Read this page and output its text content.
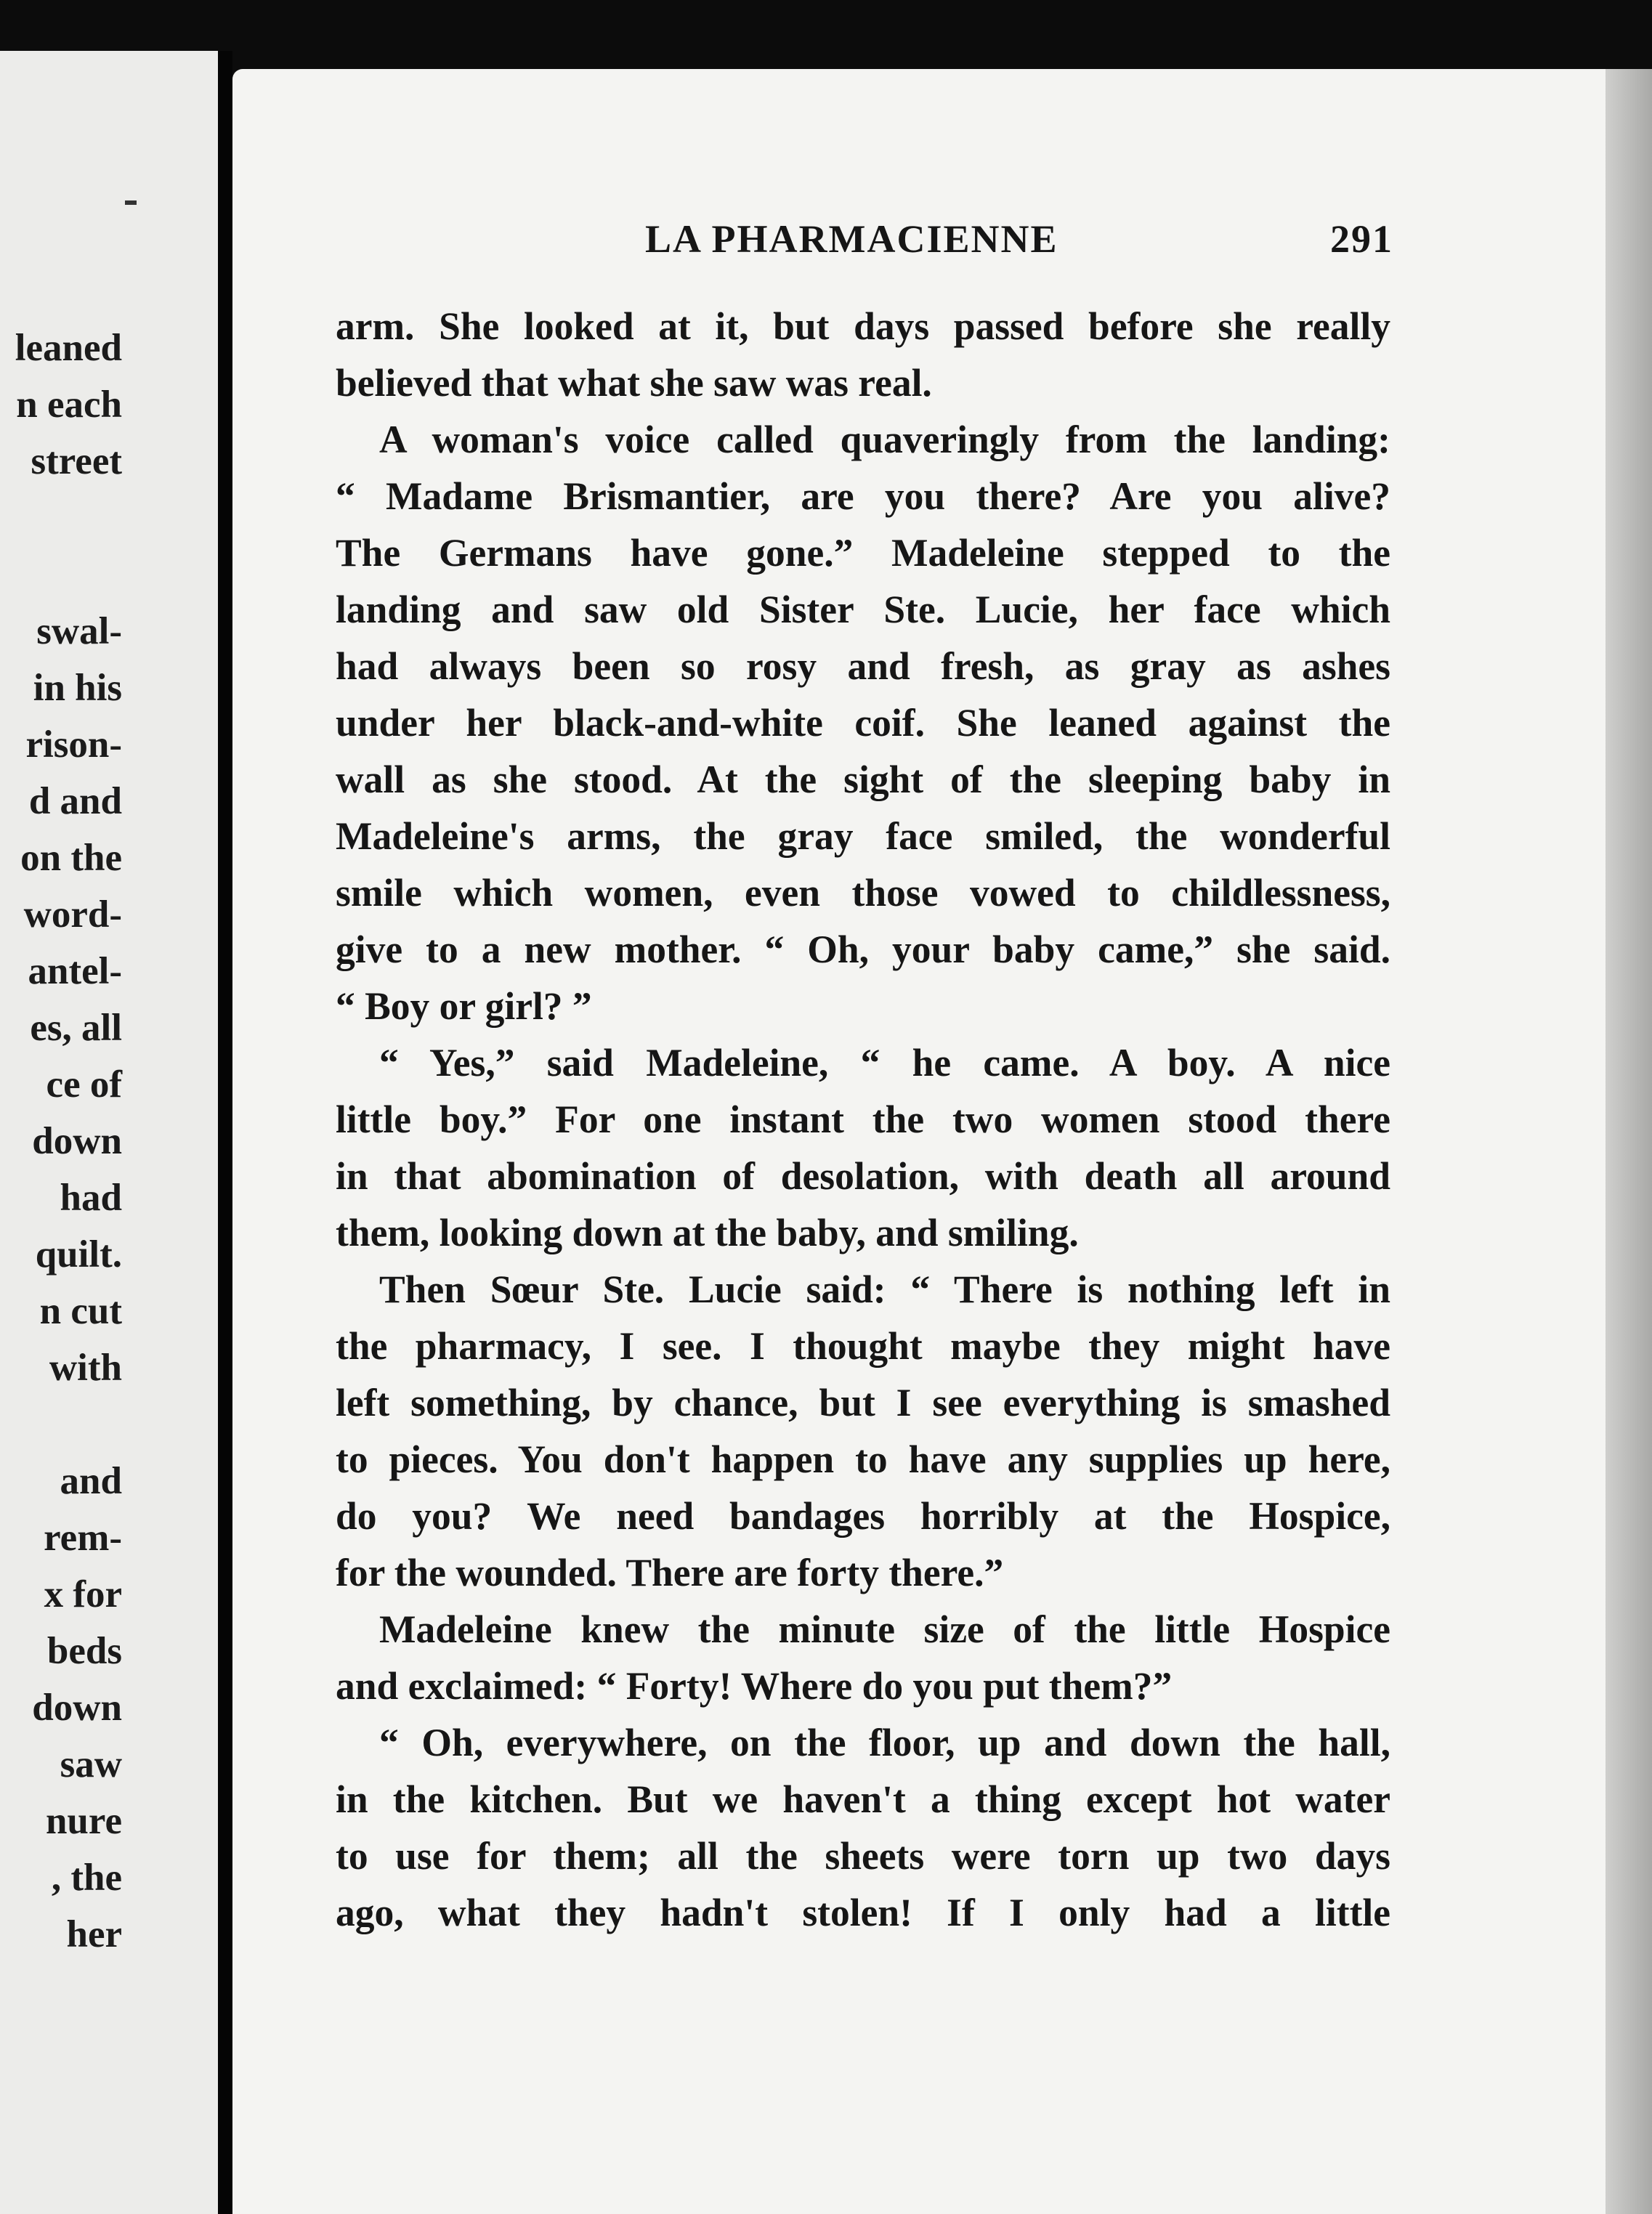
leaned
n each
street
swal-
in his
rison-
d and
on the
word-
antel-
es, all
ce of
down
had
quilt.
n cut
with
and
rem-
x for
beds
down
saw
nure
, the
her
LA PHARMACIENNE	291
arm. She looked at it, but days passed before she really
believed that what she saw was real.
A woman's voice called quaveringly from the landing:
“ Madame Brismantier, are you there? Are you alive?
The Germans have gone.” Madeleine stepped to the
landing and saw old Sister Ste. Lucie, her face which
had always been so rosy and fresh, as gray as ashes
under her black-and-white coif. She leaned against the
wall as she stood. At the sight of the sleeping baby in
Madeleine's arms, the gray face smiled, the wonderful
smile which women, even those vowed to childlessness,
give to a new mother. “ Oh, your baby came,” she said.
“ Boy or girl? ”
“ Yes,” said Madeleine, “ he came. A boy. A nice
little boy.” For one instant the two women stood there
in that abomination of desolation, with death all around
them, looking down at the baby, and smiling.
Then Sœur Ste. Lucie said: “ There is nothing left in
the pharmacy, I see. I thought maybe they might have
left something, by chance, but I see everything is smashed
to pieces. You don't happen to have any supplies up here,
do you? We need bandages horribly at the Hospice,
for the wounded. There are forty there.”
Madeleine knew the minute size of the little Hospice
and exclaimed: “ Forty! Where do you put them?”
“ Oh, everywhere, on the floor, up and down the hall,
in the kitchen. But we haven't a thing except hot water
to use for them; all the sheets were torn up two days
ago, what they hadn't stolen! If I only had a little
